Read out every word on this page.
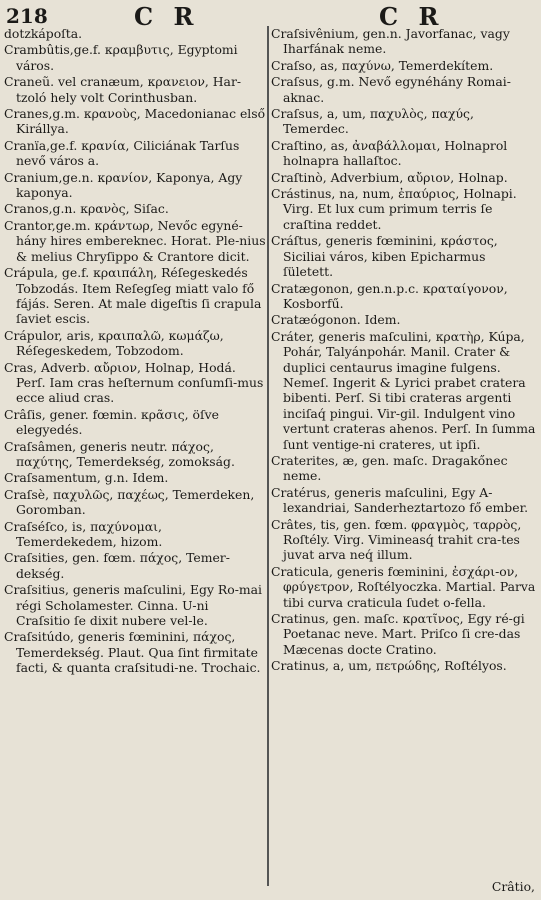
218	C R	C R

dotzkápoſta.

Crambûtis,ge.f. κραμβυτις, Egyptomi város.

Craneũ. vel cranæum, κρανειον, Har-tzoló hely volt Corinthusban.

Cranes,g.m. κρανοὺς, Macedonianac első Királlya.

Cranïa,ge.f. κρανία, Ciliciának Tarſus nevő város a.

Cranium,ge.n. κρανίον, Kaponya, Agy kaponya.

Cranos,g.n. κρανὸς, Siſac.

Crantor,ge.m. κράντωρ, Nevőc egyné-hány hires embereknec. Horat. Ple-nius & melius Chryſippo & Crantore dicit.

Crápula, ge.f. κραιπάλη, Réſegeskedés Tobzodás. Item Reſegſeg miatt valo fő fájás. Seren. At male digeſtis ſi crapula ſaviet escis.

Crápulor, aris, κραιπαλῶ, κωμάζω, Réſegeskedem, Tobzodom.

Cras, Adverb. αὔριον, Holnap, Hodá. Perſ. Iam cras heſternum conſumſi-mus ecce aliud cras.

Crâſis, gener. fœmin. κρᾶσις, öſve elegyedés.

Craſsâmen, generis neutr. πάχος, παχύτης, Temerdekség, zomokság.

Craſsamentum, g.n. Idem.

Craſsè, παχυλῶς, παχέως, Temerdeken, Goromban.

Craſséſco, is, παχύνομαι, Temerdekedem, hizom.

Craſsities, gen. fœm. πάχος, Temer-dekség.

Craſsitius, generis maſculini, Egy Ro-mai régi Scholamester. Cinna. U-ni Craſsitio ſe dixit nubere vel-le.

Craſsitúdo, generis fœminini, πάχος, Temerdekség. Plaut. Qua ſint firmitate facti, & quanta craſsitudi-ne. Trochaic.

Craſsivênium, gen.n. Javorfanac, vagy Iharfának neme.

Craſso, as, παχύνω, Temerdekítem.

Craſsus, g.m. Nevő egynéhány Romai-aknac.

Craſsus, a, um, παχυλὸς, παχύς, Temerdec.

Craſtino, as, ἀναβάλλομαι, Holnaprol holnapra hallaſtoc.

Craſtinò, Adverbium, αὔριον, Holnap.

Crástinus, na, num, ἐπαύριος, Holnapi. Virg. Et lux cum primum terris ſe craſtina reddet.

Cráſtus, generis fœminini, κράστος, Siciliai város, kiben Epicharmus ſületett.

Cratægonon, gen.n.p.c. κραταίγονον, Kosborfű.

Cratæógonon. Idem.

Cráter, generis maſculini, κρατὴρ, Kúpa, Pohár, Talyánpohár. Manil. Crater & duplici centaurus imagine fulgens. Nemeſ. Ingerit & Lyrici prabet cratera bibenti. Perſ. Si tibi crateras argenti inciſaq́ pingui. Vir-gil. Indulgent vino vertunt crateras ahenos. Perſ. In ſumma ſunt ventige-ni crateres, ut ipſi.

Craterites, æ, gen. maſc. Dragakőnec neme.

Cratérus, generis maſculini, Egy A-lexandriai, Sanderheztartozo fő ember.

Crâtes, tis, gen. fœm. φραγμὸς, ταρρὸς, Roſtély. Virg. Vimineasq́ trahit cra-tes juvat arva neq́ illum.

Craticula, generis fœminini, ἐσχάρι-ον, φρύγετρον, Roſtélyoczka. Martial. Parva tibi curva craticula ſudet o-fella.

Cratinus, gen. maſc. κρατῖνος, Egy ré-gi Poetanac neve. Mart. Priſco ſi cre-das Mæcenas docte Cratino.

Cratinus, a, um, πετρώδης, Roſtélyos.

Crâtio,
